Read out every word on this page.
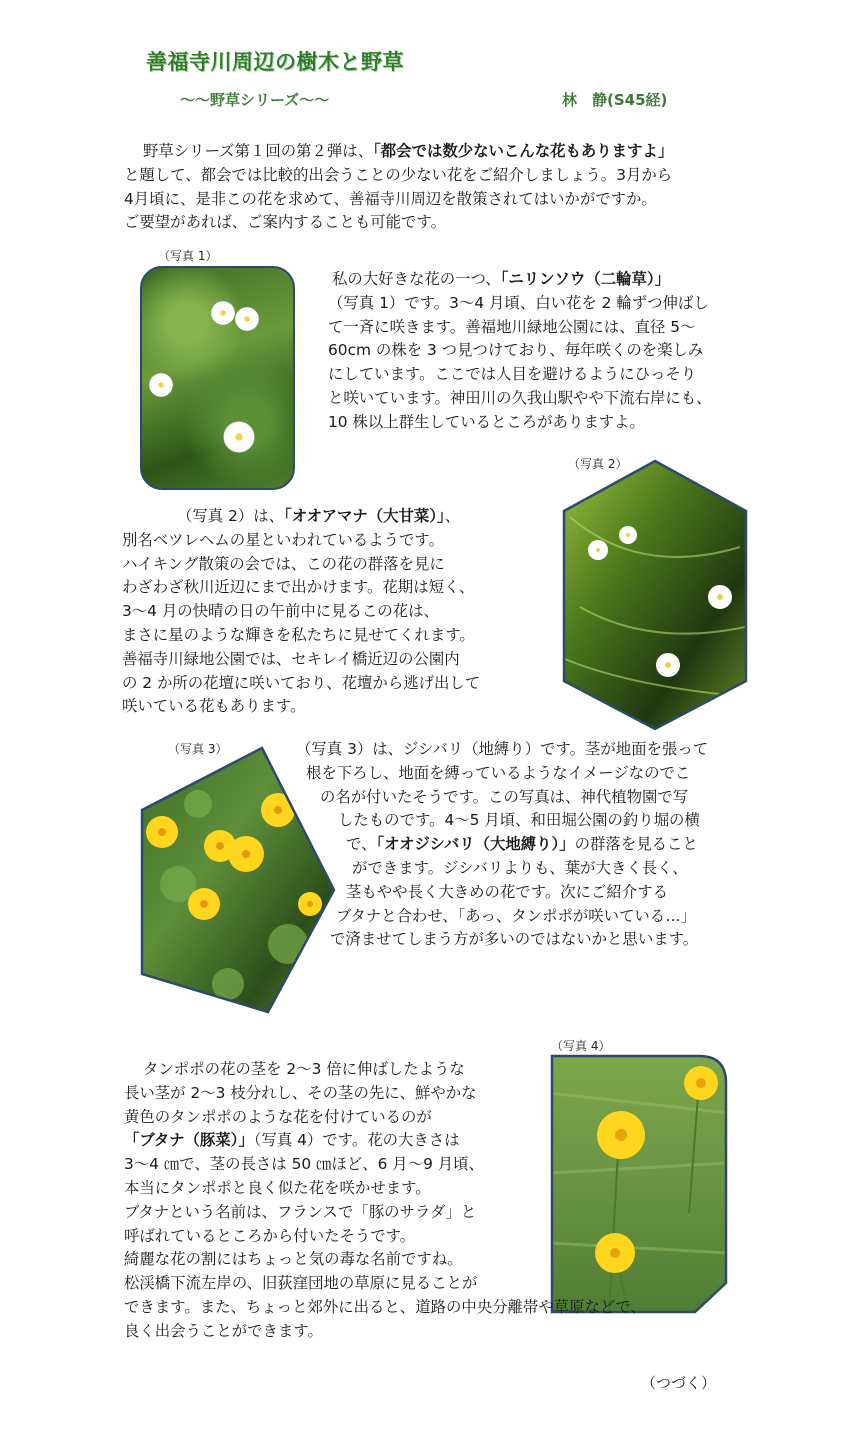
善福寺川周辺の樹木と野草
～～野草シリーズ～～	林　静(S45経)
野草シリーズ第１回の第２弾は、「都会では数少ないこんな花もありますよ」
と題して、都会では比較的出会うことの少ない花をご紹介しましょう。3月から
4月頃に、是非この花を求めて、善福寺川周辺を散策されてはいかがですか。
ご要望があれば、ご案内することも可能です。
（写真 1）
私の大好きな花の一つ、「ニリンソウ（二輪草）」
（写真 1）です。3～4 月頃、白い花を 2 輪ずつ伸ばし
て一斉に咲きます。善福地川緑地公園には、直径 5～
60cm の株を 3 つ見つけており、毎年咲くのを楽しみ
にしています。ここでは人目を避けるようにひっそり
と咲いています。神田川の久我山駅やや下流右岸にも、
10 株以上群生しているところがありますよ。
（写真 2）
（写真 2）は、「オオアマナ（大甘菜）」、
別名ベツレヘムの星といわれているようです。
ハイキング散策の会では、この花の群落を見に
わざわざ秋川近辺にまで出かけます。花期は短く、
3～4 月の快晴の日の午前中に見るこの花は、
まさに星のような輝きを私たちに見せてくれます。
善福寺川緑地公園では、セキレイ橋近辺の公園内
の 2 か所の花壇に咲いており、花壇から逃げ出して
咲いている花もあります。
（写真 3）	（写真 3）は、ジシバリ（地縛り）です。茎が地面を張って
根を下ろし、地面を縛っているようなイメージなのでこ
の名が付いたそうです。この写真は、神代植物園で写
したものです。4～5 月頃、和田堀公園の釣り堀の横
で、「オオジシバリ（大地縛り）」の群落を見ること
ができます。ジシバリよりも、葉が大きく長く、
茎もやや長く大きめの花です。次にご紹介する
ブタナと合わせ、「あっ、タンポポが咲いている…」
で済ませてしまう方が多いのではないかと思います。
（写真 4）
タンポポの花の茎を 2～3 倍に伸ばしたような
長い茎が 2～3 枝分れし、その茎の先に、鮮やかな
黄色のタンポポのような花を付けているのが
「ブタナ（豚菜）」（写真 4）です。花の大きさは
3～4 ㎝で、茎の長さは 50 ㎝ほど、6 月～9 月頃、
本当にタンポポと良く似た花を咲かせます。
ブタナという名前は、フランスで「豚のサラダ」と
呼ばれているところから付いたそうです。
綺麗な花の割にはちょっと気の毒な名前ですね。
松渓橋下流左岸の、旧荻窪団地の草原に見ることが
できます。また、ちょっと郊外に出ると、道路の中央分離帯や草原などで、
良く出会うことができます。
（つづく）
